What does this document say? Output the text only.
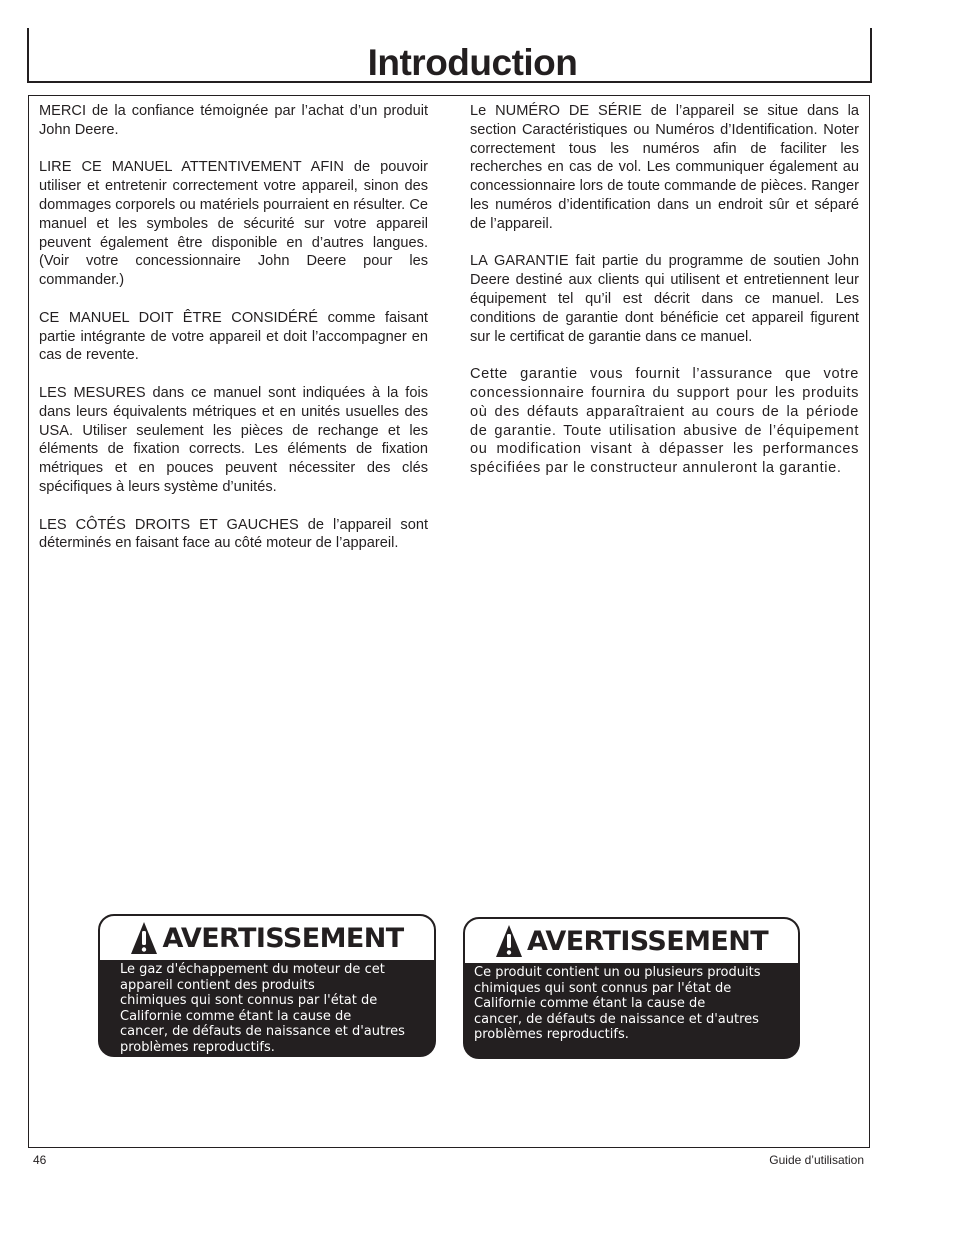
Introduction

MERCI de la confiance témoignée par l’achat d’un produit John Deere.

LIRE CE MANUEL ATTENTIVEMENT AFIN de pouvoir utiliser et entretenir correctement votre appareil, sinon des dommages corporels ou matériels pourraient en résulter. Ce manuel et les symboles de sécurité sur votre appareil peuvent également être disponible en d’autres langues. (Voir votre concessionnaire John Deere pour les commander.)

CE MANUEL DOIT ÊTRE CONSIDÉRÉ comme faisant partie intégrante de votre appareil et doit l’accompagner en cas de revente.

LES MESURES dans ce manuel sont indiquées à la fois dans leurs équivalents métriques et en unités usuelles des USA. Utiliser seulement les pièces de rechange et les éléments de fixation corrects. Les éléments de fixation métriques et en pouces peuvent nécessiter des clés spécifiques à leurs système d’unités.

LES CÔTÉS DROITS ET GAUCHES de l’appareil sont déterminés en faisant face au côté moteur de l’appareil.

Le NUMÉRO DE SÉRIE de l’appareil se situe dans la section Caractéristiques ou Numéros d’Identification. Noter correctement tous les numéros afin de faciliter les recherches en cas de vol. Les communiquer également au concessionnaire lors de toute commande de pièces. Ranger les numéros d’identification dans un endroit sûr et séparé de l’appareil.

LA GARANTIE fait partie du programme de soutien John Deere destiné aux clients qui utilisent et entretiennent leur équipement tel qu’il est décrit dans ce manuel. Les conditions de garantie dont bénéficie cet appareil figurent sur le certificat de garantie dans ce manuel.

Cette garantie vous fournit l’assurance que votre concessionnaire fournira du support pour les produits où des défauts apparaîtraient au cours de la période de garantie. Toute utilisation abusive de l’équipement ou modification visant à dépasser les performances spécifiées par le constructeur annuleront la garantie.

AVERTISSEMENT
Le gaz d'échappement du moteur de cet
appareil contient des produits
chimiques qui sont connus par l'état de
Californie comme étant la cause de
cancer, de défauts de naissance et d'autres
problèmes reproductifs.
AVERTISSEMENT
Ce produit contient un ou plusieurs produits
chimiques qui sont connus par l'état de
Californie comme étant la cause de
cancer, de défauts de naissance et d'autres
problèmes reproductifs.
46	Guide d’utilisation
